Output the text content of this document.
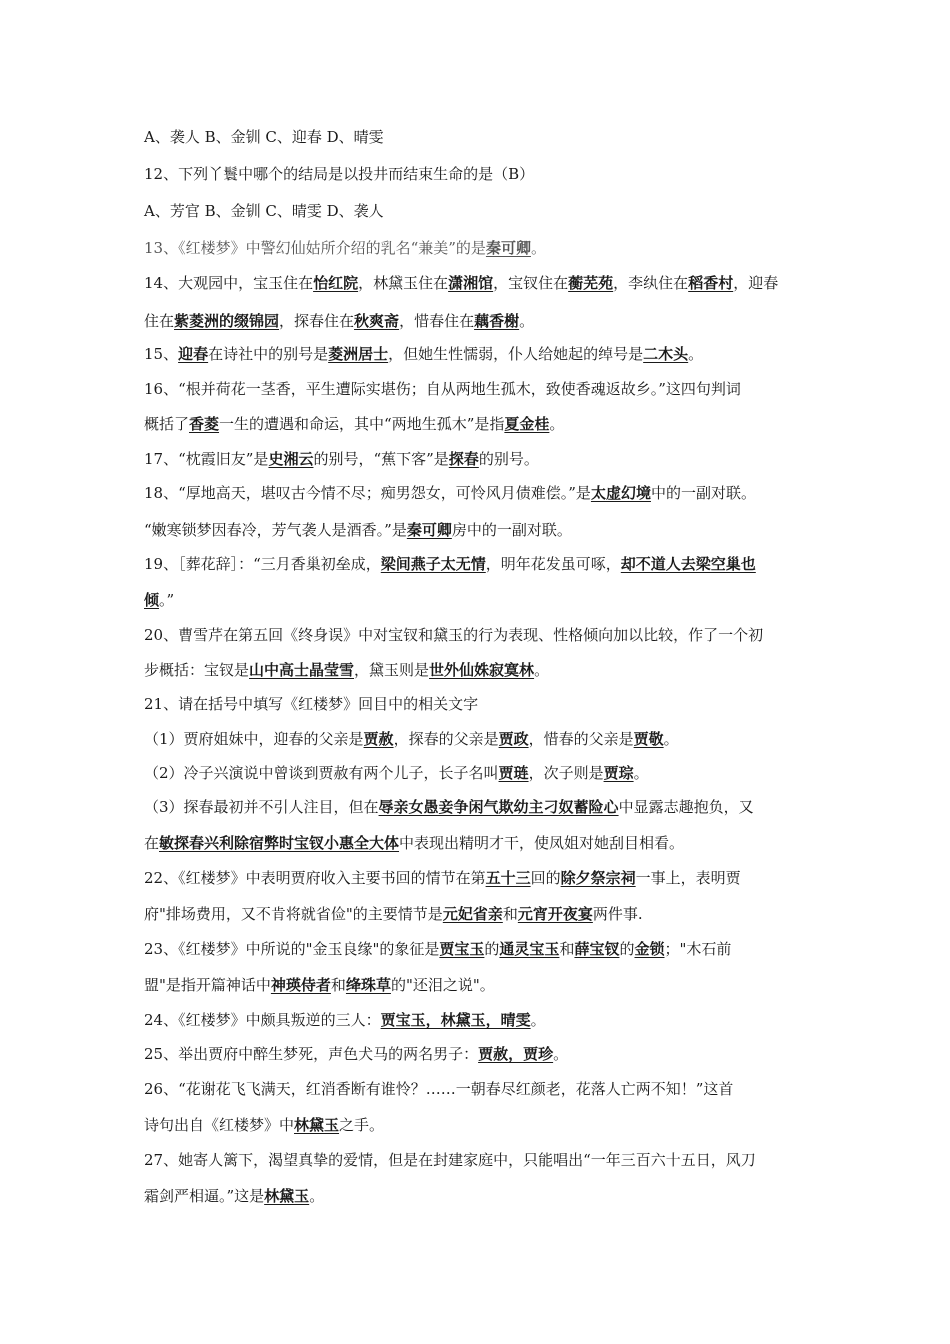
A、袭人 B、金钏 C、迎春 D、晴雯
12、下列丫鬟中哪个的结局是以投井而结束生命的是（B）
A、芳官 B、金钏 C、晴雯 D、袭人
13、《红楼梦》中警幻仙姑所介绍的乳名“兼美”的是秦可卿。
14、大观园中，宝玉住在怡红院，林黛玉住在潇湘馆，宝钗住在蘅芜苑，李纨住在稻香村，迎春
住在紫菱洲的缀锦园，探春住在秋爽斋，惜春住在藕香榭。
15、迎春在诗社中的别号是菱洲居士，但她生性懦弱，仆人给她起的绰号是二木头。
16、“根并荷花一茎香，平生遭际实堪伤；自从两地生孤木，致使香魂返故乡。”这四句判词
概括了香菱一生的遭遇和命运，其中“两地生孤木”是指夏金桂。
17、“枕霞旧友”是史湘云的别号，“蕉下客”是探春的别号。
18、“厚地高天，堪叹古今情不尽；痴男怨女，可怜风月债难偿。”是太虚幻境中的一副对联。
“嫩寒锁梦因春冷，芳气袭人是酒香。”是秦可卿房中的一副对联。
19、［葬花辞］：“三月香巢初垒成，梁间燕子太无情，明年花发虽可啄，却不道人去梁空巢也
倾。”
20、曹雪芹在第五回《终身误》中对宝钗和黛玉的行为表现、性格倾向加以比较，作了一个初
步概括：宝钗是山中高士晶莹雪，黛玉则是世外仙姝寂寞林。
21、请在括号中填写《红楼梦》回目中的相关文字
（1）贾府姐妹中，迎春的父亲是贾赦，探春的父亲是贾政，惜春的父亲是贾敬。
（2）冷子兴演说中曾谈到贾赦有两个儿子，长子名叫贾琏，次子则是贾琮。
（3）探春最初并不引人注目，但在辱亲女愚妾争闲气欺幼主刁奴蓄险心中显露志趣抱负，又
在敏探春兴利除宿弊时宝钗小惠全大体中表现出精明才干，使凤姐对她刮目相看。
22、《红楼梦》中表明贾府收入主要书回的情节在第五十三回的除夕祭宗祠一事上，表明贾
府"排场费用，又不肯将就省俭"的主要情节是元妃省亲和元宵开夜宴两件事.
23、《红楼梦》中所说的"金玉良缘"的象征是贾宝玉的通灵宝玉和薛宝钗的金锁；"木石前
盟"是指开篇神话中神瑛侍者和绛珠草的"还泪之说"。
24、《红楼梦》中颇具叛逆的三人：贾宝玉，林黛玉，晴雯。
25、举出贾府中醉生梦死，声色犬马的两名男子：贾赦，贾珍。
26、“花谢花飞飞满天，红消香断有谁怜？……一朝春尽红颜老，花落人亡两不知！”这首
诗句出自《红楼梦》中林黛玉之手。
27、她寄人篱下，渴望真挚的爱情，但是在封建家庭中，只能唱出“一年三百六十五日，风刀
霜剑严相逼。”这是林黛玉。
